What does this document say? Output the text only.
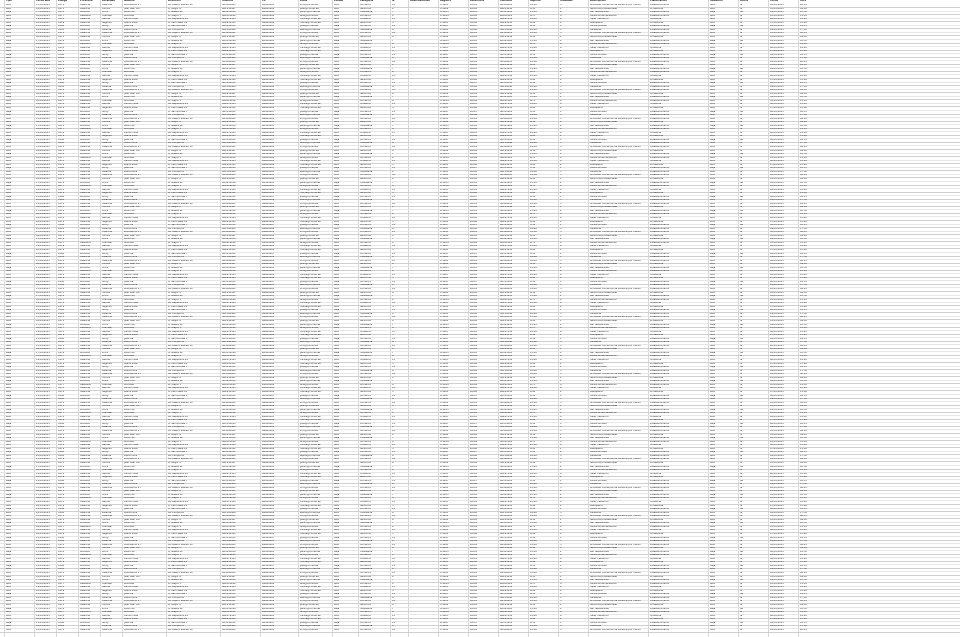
Tipo	Fecha alta	Código	Provincia	Localidad	Nombre	Dirección	Teléfono	CIF	Email	Estado	Categoría	Nº	Observaciones	Registro	Referencia	Contacto	Importe	Unidades	Descripción	Clasificación	Situación	Activo	Fecha	Hora
Alta	15/01/2013	0174	Valencia	Valencia	Luis Benito 27	Av. Blasco Ibáñez 14	963000001	B4600001	info@correo.es	Alta	Comercio	12	V-1201	R-001	96300001	12,00	3	Actividad comercial de venta al por menor	Establecimiento	Alta	Sí	02/12/2013	08:45
Alta	16/01/2013	0175	Valencia	Torrent	Juan Marí S.L.	C/ Mayor 8	961234567	B4600002	juan@correo.es	Alta	Servicios	4	V-1202	R-002	96123456	8,50	1	Servicios profesionales	Profesional	Alta	Sí	03/12/2013	09:10
Baja	17/01/2013	0176	Alicante	Elche	Pedro Gil	C/ Nueva 22	965432100	B0300003	pedro@correo.es	Baja	Hostelería	7	A-1203	R-003	96543210	15,20	2	Bar restaurante	Establecimiento	Baja	No	04/12/2013	10:30
Alta	18/01/2013	0177	Castellón	Vila-real	Ana Ruiz	Pl. Mayor 3	964111222	B1200004	ana@correo.es	Alta	Comercio	9	C-1204	R-004	96411122	6,75	4	Venta de alimentación	Establecimiento	Alta	Sí	05/12/2013	11:05
Alta	19/01/2013	0178	Valencia	Gandia	Carlos Vidal	Av. República 44	962876543	B4600005	carlos@correo.es	Alta	Industria	15	V-1205	R-005	96287654	22,40	6	Taller mecánico	Industrial	Alta	Sí	06/12/2013	12:20
Alta	20/01/2013	0179	Valencia	Sagunto	Marta Soler	C/ Camí Real 19	962654321	B4600006	marta@correo.es	Alta	Servicios	3	V-1206	R-006	96265432	9,90	2	Peluquería	Profesional	Alta	Sí	07/12/2013	13:40
Baja	21/01/2013	0180	Alicante	Alcoy	José Pla	C/ San Nicolás 5	965550011	B0300007	jose@correo.es	Baja	Comercio	11	A-1207	R-007	96555001	4,30	1	Venta de textil	Establecimiento	Baja	No	08/12/2013	16:15
Alta	22/01/2013	0181	Valencia	Paterna	Elena Mora	Av. Europa 61	961300400	B4600008	elena@correo.es	Alta	Hostelería	6	V-1208	R-008	96130040	18,60	5	Cafetería	Establecimiento	Alta	Sí	09/12/2013	17:30
Alta	15/01/2013	0174	Valencia	Valencia	Luis Benito 27	Av. Blasco Ibáñez 14	963000001	B4600001	info@correo.es	Alta	Comercio	12	V-1201	R-001	96300001	12,00	3	Actividad comercial de venta al por menor	Establecimiento	Alta	Sí	02/12/2013	08:45
Alta	16/01/2013	0175	Valencia	Torrent	Juan Marí S.L.	C/ Mayor 8	961234567	B4600002	juan@correo.es	Alta	Servicios	4	V-1202	R-002	96123456	8,50	1	Servicios profesionales	Profesional	Alta	Sí	03/12/2013	09:10
Baja	17/01/2013	0176	Alicante	Elche	Pedro Gil	C/ Nueva 22	965432100	B0300003	pedro@correo.es	Baja	Hostelería	7	A-1203	R-003	96543210	15,20	2	Bar restaurante	Establecimiento	Baja	No	04/12/2013	10:30
Alta	18/01/2013	0177	Castellón	Vila-real	Ana Ruiz	Pl. Mayor 3	964111222	B1200004	ana@correo.es	Alta	Comercio	9	C-1204	R-004	96411122	6,75	4	Venta de alimentación	Establecimiento	Alta	Sí	05/12/2013	11:05
Alta	19/01/2013	0178	Valencia	Gandia	Carlos Vidal	Av. República 44	962876543	B4600005	carlos@correo.es	Alta	Industria	15	V-1205	R-005	96287654	22,40	6	Taller mecánico	Industrial	Alta	Sí	06/12/2013	12:20
Alta	20/01/2013	0179	Valencia	Sagunto	Marta Soler	C/ Camí Real 19	962654321	B4600006	marta@correo.es	Alta	Servicios	3	V-1206	R-006	96265432	9,90	2	Peluquería	Profesional	Alta	Sí	07/12/2013	13:40
Baja	21/01/2013	0180	Alicante	Alcoy	José Pla	C/ San Nicolás 5	965550011	B0300007	jose@correo.es	Baja	Comercio	11	A-1207	R-007	96555001	4,30	1	Venta de textil	Establecimiento	Baja	No	08/12/2013	16:15
Alta	22/01/2013	0181	Valencia	Paterna	Elena Mora	Av. Europa 61	961300400	B4600008	elena@correo.es	Alta	Hostelería	6	V-1208	R-008	96130040	18,60	5	Cafetería	Establecimiento	Alta	Sí	09/12/2013	17:30
Alta	15/01/2013	0174	Valencia	Valencia	Luis Benito 27	Av. Blasco Ibáñez 14	963000001	B4600001	info@correo.es	Alta	Comercio	12	V-1201	R-001	96300001	12,00	3	Actividad comercial de venta al por menor	Establecimiento	Alta	Sí	02/12/2013	08:45
Alta	16/01/2013	0175	Valencia	Torrent	Juan Marí S.L.	C/ Mayor 8	961234567	B4600002	juan@correo.es	Alta	Servicios	4	V-1202	R-002	96123456	8,50	1	Servicios profesionales	Profesional	Alta	Sí	03/12/2013	09:10
Baja	17/01/2013	0176	Alicante	Elche	Pedro Gil	C/ Nueva 22	965432100	B0300003	pedro@correo.es	Baja	Hostelería	7	A-1203	R-003	96543210	15,20	2	Bar restaurante	Establecimiento	Baja	No	04/12/2013	10:30
Alta	18/01/2013	0177	Castellón	Vila-real	Ana Ruiz	Pl. Mayor 3	964111222	B1200004	ana@correo.es	Alta	Comercio	9	C-1204	R-004	96411122	6,75	4	Venta de alimentación	Establecimiento	Alta	Sí	05/12/2013	11:05
Alta	19/01/2013	0178	Valencia	Gandia	Carlos Vidal	Av. República 44	962876543	B4600005	carlos@correo.es	Alta	Industria	15	V-1205	R-005	96287654	22,40	6	Taller mecánico	Industrial	Alta	Sí	06/12/2013	12:20
Alta	20/01/2013	0179	Valencia	Sagunto	Marta Soler	C/ Camí Real 19	962654321	B4600006	marta@correo.es	Alta	Servicios	3	V-1206	R-006	96265432	9,90	2	Peluquería	Profesional	Alta	Sí	07/12/2013	13:40
Baja	21/01/2013	0180	Alicante	Alcoy	José Pla	C/ San Nicolás 5	965550011	B0300007	jose@correo.es	Baja	Comercio	11	A-1207	R-007	96555001	4,30	1	Venta de textil	Establecimiento	Baja	No	08/12/2013	16:15
Alta	22/01/2013	0181	Valencia	Paterna	Elena Mora	Av. Europa 61	961300400	B4600008	elena@correo.es	Alta	Hostelería	6	V-1208	R-008	96130040	18,60	5	Cafetería	Establecimiento	Alta	Sí	09/12/2013	17:30
Alta	15/01/2013	0174	Valencia	Valencia	Luis Benito 27	Av. Blasco Ibáñez 14	963000001	B4600001	info@correo.es	Alta	Comercio	12	V-1201	R-001	96300001	12,00	3	Actividad comercial de venta al por menor	Establecimiento	Alta	Sí	02/12/2013	08:45
Alta	16/01/2013	0175	Valencia	Torrent	Juan Marí S.L.	C/ Mayor 8	961234567	B4600002	juan@correo.es	Alta	Servicios	4	V-1202	R-002	96123456	8,50	1	Servicios profesionales	Profesional	Alta	Sí	03/12/2013	09:10
Baja	17/01/2013	0176	Alicante	Elche	Pedro Gil	C/ Nueva 22	965432100	B0300003	pedro@correo.es	Baja	Hostelería	7	A-1203	R-003	96543210	15,20	2	Bar restaurante	Establecimiento	Baja	No	04/12/2013	10:30
Alta	18/01/2013	0177	Castellón	Vila-real	Ana Ruiz	Pl. Mayor 3	964111222	B1200004	ana@correo.es	Alta	Comercio	9	C-1204	R-004	96411122	6,75	4	Venta de alimentación	Establecimiento	Alta	Sí	05/12/2013	11:05
Alta	19/01/2013	0178	Valencia	Gandia	Carlos Vidal	Av. República 44	962876543	B4600005	carlos@correo.es	Alta	Industria	15	V-1205	R-005	96287654	22,40	6	Taller mecánico	Industrial	Alta	Sí	06/12/2013	12:20
Alta	20/01/2013	0179	Valencia	Sagunto	Marta Soler	C/ Camí Real 19	962654321	B4600006	marta@correo.es	Alta	Servicios	3	V-1206	R-006	96265432	9,90	2	Peluquería	Profesional	Alta	Sí	07/12/2013	13:40
Baja	21/01/2013	0180	Alicante	Alcoy	José Pla	C/ San Nicolás 5	965550011	B0300007	jose@correo.es	Baja	Comercio	11	A-1207	R-007	96555001	4,30	1	Venta de textil	Establecimiento	Baja	No	08/12/2013	16:15
Alta	22/01/2013	0181	Valencia	Paterna	Elena Mora	Av. Europa 61	961300400	B4600008	elena@correo.es	Alta	Hostelería	6	V-1208	R-008	96130040	18,60	5	Cafetería	Establecimiento	Alta	Sí	09/12/2013	17:30
Alta	15/01/2013	0174	Valencia	Valencia	Luis Benito 27	Av. Blasco Ibáñez 14	963000001	B4600001	info@correo.es	Alta	Comercio	12	V-1201	R-001	96300001	12,00	3	Actividad comercial de venta al por menor	Establecimiento	Alta	Sí	02/12/2013	08:45
Alta	16/01/2013	0175	Valencia	Torrent	Juan Marí S.L.	C/ Mayor 8	961234567	B4600002	juan@correo.es	Alta	Servicios	4	V-1202	R-002	96123456	8,50	1	Servicios profesionales	Profesional	Alta	Sí	03/12/2013	09:10
Baja	17/01/2013	0176	Alicante	Elche	Pedro Gil	C/ Nueva 22	965432100	B0300003	pedro@correo.es	Baja	Hostelería	7	A-1203	R-003	96543210	15,20	2	Bar restaurante	Establecimiento	Baja	No	04/12/2013	10:30
Alta	18/01/2013	0177	Castellón	Vila-real	Ana Ruiz	Pl. Mayor 3	964111222	B1200004	ana@correo.es	Alta	Comercio	9	C-1204	R-004	96411122	6,75	4	Venta de alimentación	Establecimiento	Alta	Sí	05/12/2013	11:05
Alta	19/01/2013	0178	Valencia	Gandia	Carlos Vidal	Av. República 44	962876543	B4600005	carlos@correo.es	Alta	Industria	15	V-1205	R-005	96287654	22,40	6	Taller mecánico	Industrial	Alta	Sí	06/12/2013	12:20
Alta	20/01/2013	0179	Valencia	Sagunto	Marta Soler	C/ Camí Real 19	962654321	B4600006	marta@correo.es	Alta	Servicios	3	V-1206	R-006	96265432	9,90	2	Peluquería	Profesional	Alta	Sí	07/12/2013	13:40
Baja	21/01/2013	0180	Alicante	Alcoy	José Pla	C/ San Nicolás 5	965550011	B0300007	jose@correo.es	Baja	Comercio	11	A-1207	R-007	96555001	4,30	1	Venta de textil	Establecimiento	Baja	No	08/12/2013	16:15
Alta	22/01/2013	0181	Valencia	Paterna	Elena Mora	Av. Europa 61	961300400	B4600008	elena@correo.es	Alta	Hostelería	6	V-1208	R-008	96130040	18,60	5	Cafetería	Establecimiento	Alta	Sí	09/12/2013	17:30
Alta	15/01/2013	0174	Valencia	Valencia	Luis Benito 27	Av. Blasco Ibáñez 14	963000001	B4600001	info@correo.es	Alta	Comercio	12	V-1201	R-001	96300001	12,00	3	Actividad comercial de venta al por menor	Establecimiento	Alta	Sí	02/12/2013	08:45
Alta	16/01/2013	0175	Valencia	Torrent	Juan Marí S.L.	C/ Mayor 8	961234567	B4600002	juan@correo.es	Alta	Servicios	4	V-1202	R-002	96123456	8,50	1	Servicios profesionales	Profesional	Alta	Sí	03/12/2013	09:10
Baja	17/01/2013	0176	Alicante	Elche	Pedro Gil	C/ Nueva 22	965432100	B0300003	pedro@correo.es	Baja	Hostelería	7	A-1203	R-003	96543210	15,20	2	Bar restaurante	Establecimiento	Baja	No	04/12/2013	10:30
Alta	18/01/2013	0177	Castellón	Vila-real	Ana Ruiz	Pl. Mayor 3	964111222	B1200004	ana@correo.es	Alta	Comercio	9	C-1204	R-004	96411122	6,75	4	Venta de alimentación	Establecimiento	Alta	Sí	05/12/2013	11:05
Alta	19/01/2013	0178	Valencia	Gandia	Carlos Vidal	Av. República 44	962876543	B4600005	carlos@correo.es	Alta	Industria	15	V-1205	R-005	96287654	22,40	6	Taller mecánico	Industrial	Alta	Sí	06/12/2013	12:20
Alta	20/01/2013	0179	Valencia	Sagunto	Marta Soler	C/ Camí Real 19	962654321	B4600006	marta@correo.es	Alta	Servicios	3	V-1206	R-006	96265432	9,90	2	Peluquería	Profesional	Alta	Sí	07/12/2013	13:40
Baja	21/01/2013	0180	Alicante	Alcoy	José Pla	C/ San Nicolás 5	965550011	B0300007	jose@correo.es	Baja	Comercio	11	A-1207	R-007	96555001	4,30	1	Venta de textil	Establecimiento	Baja	No	08/12/2013	16:15
Alta	22/01/2013	0181	Valencia	Paterna	Elena Mora	Av. Europa 61	961300400	B4600008	elena@correo.es	Alta	Hostelería	6	V-1208	R-008	96130040	18,60	5	Cafetería	Establecimiento	Alta	Sí	09/12/2013	17:30
Alta	15/01/2013	0174	Valencia	Valencia	Luis Benito 27	Av. Blasco Ibáñez 14	963000001	B4600001	info@correo.es	Alta	Comercio	12	V-1201	R-001	96300001	12,00	3	Actividad comercial de venta al por menor	Establecimiento	Alta	Sí	02/12/2013	08:45
Alta	16/01/2013	0175	Valencia	Torrent	Juan Marí S.L.	C/ Mayor 8	961234567	B4600002	juan@correo.es	Alta	Servicios	4	V-1202	R-002	96123456	8,50	1	Servicios profesionales	Profesional	Alta	Sí	03/12/2013	09:10
Baja	17/01/2013	0176	Alicante	Elche	Pedro Gil	C/ Nueva 22	965432100	B0300003	pedro@correo.es	Baja	Hostelería	7	A-1203	R-003	96543210	15,20	2	Bar restaurante	Establecimiento	Baja	No	04/12/2013	10:30
Alta	18/01/2013	0177	Castellón	Vila-real	Ana Ruiz	Pl. Mayor 3	964111222	B1200004	ana@correo.es	Alta	Comercio	9	C-1204	R-004	96411122	6,75	4	Venta de alimentación	Establecimiento	Alta	Sí	05/12/2013	11:05
Alta	19/01/2013	0178	Valencia	Gandia	Carlos Vidal	Av. República 44	962876543	B4600005	carlos@correo.es	Alta	Industria	15	V-1205	R-005	96287654	22,40	6	Taller mecánico	Industrial	Alta	Sí	06/12/2013	12:20
Alta	20/01/2013	0179	Valencia	Sagunto	Marta Soler	C/ Camí Real 19	962654321	B4600006	marta@correo.es	Alta	Servicios	3	V-1206	R-006	96265432	9,90	2	Peluquería	Profesional	Alta	Sí	07/12/2013	13:40
Baja	21/01/2013	0180	Alicante	Alcoy	José Pla	C/ San Nicolás 5	965550011	B0300007	jose@correo.es	Baja	Comercio	11	A-1207	R-007	96555001	4,30	1	Venta de textil	Establecimiento	Baja	No	08/12/2013	16:15
Alta	22/01/2013	0181	Valencia	Paterna	Elena Mora	Av. Europa 61	961300400	B4600008	elena@correo.es	Alta	Hostelería	6	V-1208	R-008	96130040	18,60	5	Cafetería	Establecimiento	Alta	Sí	09/12/2013	17:30
Alta	15/01/2013	0174	Valencia	Valencia	Luis Benito 27	Av. Blasco Ibáñez 14	963000001	B4600001	info@correo.es	Alta	Comercio	12	V-1201	R-001	96300001	12,00	3	Actividad comercial de venta al por menor	Establecimiento	Alta	Sí	02/12/2013	08:45
Alta	16/01/2013	0175	Valencia	Torrent	Juan Marí S.L.	C/ Mayor 8	961234567	B4600002	juan@correo.es	Alta	Servicios	4	V-1202	R-002	96123456	8,50	1	Servicios profesionales	Profesional	Alta	Sí	03/12/2013	09:10
Baja	17/01/2013	0176	Alicante	Elche	Pedro Gil	C/ Nueva 22	965432100	B0300003	pedro@correo.es	Baja	Hostelería	7	A-1203	R-003	96543210	15,20	2	Bar restaurante	Establecimiento	Baja	No	04/12/2013	10:30
Alta	18/01/2013	0177	Castellón	Vila-real	Ana Ruiz	Pl. Mayor 3	964111222	B1200004	ana@correo.es	Alta	Comercio	9	C-1204	R-004	96411122	6,75	4	Venta de alimentación	Establecimiento	Alta	Sí	05/12/2013	11:05
Alta	19/01/2013	0178	Valencia	Gandia	Carlos Vidal	Av. República 44	962876543	B4600005	carlos@correo.es	Alta	Industria	15	V-1205	R-005	96287654	22,40	6	Taller mecánico	Industrial	Alta	Sí	06/12/2013	12:20
Alta	20/01/2013	0179	Valencia	Sagunto	Marta Soler	C/ Camí Real 19	962654321	B4600006	marta@correo.es	Alta	Servicios	3	V-1206	R-006	96265432	9,90	2	Peluquería	Profesional	Alta	Sí	07/12/2013	13:40
Baja	21/01/2013	0180	Alicante	Alcoy	José Pla	C/ San Nicolás 5	965550011	B0300007	jose@correo.es	Baja	Comercio	11	A-1207	R-007	96555001	4,30	1	Venta de textil	Establecimiento	Baja	No	08/12/2013	16:15
Alta	22/01/2013	0181	Valencia	Paterna	Elena Mora	Av. Europa 61	961300400	B4600008	elena@correo.es	Alta	Hostelería	6	V-1208	R-008	96130040	18,60	5	Cafetería	Establecimiento	Alta	Sí	09/12/2013	17:30
Alta	15/01/2013	0174	Valencia	Valencia	Luis Benito 27	Av. Blasco Ibáñez 14	963000001	B4600001	info@correo.es	Alta	Comercio	12	V-1201	R-001	96300001	12,00	3	Actividad comercial de venta al por menor	Establecimiento	Alta	Sí	02/12/2013	08:45
Alta	16/01/2013	0175	Valencia	Torrent	Juan Marí S.L.	C/ Mayor 8	961234567	B4600002	juan@correo.es	Alta	Servicios	4	V-1202	R-002	96123456	8,50	1	Servicios profesionales	Profesional	Alta	Sí	03/12/2013	09:10
Baja	17/01/2013	0176	Alicante	Elche	Pedro Gil	C/ Nueva 22	965432100	B0300003	pedro@correo.es	Baja	Hostelería	7	A-1203	R-003	96543210	15,20	2	Bar restaurante	Establecimiento	Baja	No	04/12/2013	10:30
Alta	18/01/2013	0177	Castellón	Vila-real	Ana Ruiz	Pl. Mayor 3	964111222	B1200004	ana@correo.es	Alta	Comercio	9	C-1204	R-004	96411122	6,75	4	Venta de alimentación	Establecimiento	Alta	Sí	05/12/2013	11:05
Alta	19/01/2013	0178	Valencia	Gandia	Carlos Vidal	Av. República 44	962876543	B4600005	carlos@correo.es	Alta	Industria	15	V-1205	R-005	96287654	22,40	6	Taller mecánico	Industrial	Alta	Sí	06/12/2013	12:20
Alta	20/01/2013	0179	Valencia	Sagunto	Marta Soler	C/ Camí Real 19	962654321	B4600006	marta@correo.es	Alta	Servicios	3	V-1206	R-006	96265432	9,90	2	Peluquería	Profesional	Alta	Sí	07/12/2013	13:40
Baja	21/01/2013	0180	Alicante	Alcoy	José Pla	C/ San Nicolás 5	965550011	B0300007	jose@correo.es	Baja	Comercio	11	A-1207	R-007	96555001	4,30	1	Venta de textil	Establecimiento	Baja	No	08/12/2013	16:15
Alta	22/01/2013	0181	Valencia	Paterna	Elena Mora	Av. Europa 61	961300400	B4600008	elena@correo.es	Alta	Hostelería	6	V-1208	R-008	96130040	18,60	5	Cafetería	Establecimiento	Alta	Sí	09/12/2013	17:30
Alta	15/01/2013	0174	Valencia	Valencia	Luis Benito 27	Av. Blasco Ibáñez 14	963000001	B4600001	info@correo.es	Alta	Comercio	12	V-1201	R-001	96300001	12,00	3	Actividad comercial de venta al por menor	Establecimiento	Alta	Sí	02/12/2013	08:45
Alta	16/01/2013	0175	Valencia	Torrent	Juan Marí S.L.	C/ Mayor 8	961234567	B4600002	juan@correo.es	Alta	Servicios	4	V-1202	R-002	96123456	8,50	1	Servicios profesionales	Profesional	Alta	Sí	03/12/2013	09:10
Baja	17/01/2013	0176	Alicante	Elche	Pedro Gil	C/ Nueva 22	965432100	B0300003	pedro@correo.es	Baja	Hostelería	7	A-1203	R-003	96543210	15,20	2	Bar restaurante	Establecimiento	Baja	No	04/12/2013	10:30
Alta	18/01/2013	0177	Castellón	Vila-real	Ana Ruiz	Pl. Mayor 3	964111222	B1200004	ana@correo.es	Alta	Comercio	9	C-1204	R-004	96411122	6,75	4	Venta de alimentación	Establecimiento	Alta	Sí	05/12/2013	11:05
Alta	19/01/2013	0178	Valencia	Gandia	Carlos Vidal	Av. República 44	962876543	B4600005	carlos@correo.es	Alta	Industria	15	V-1205	R-005	96287654	22,40	6	Taller mecánico	Industrial	Alta	Sí	06/12/2013	12:20
Alta	20/01/2013	0179	Valencia	Sagunto	Marta Soler	C/ Camí Real 19	962654321	B4600006	marta@correo.es	Alta	Servicios	3	V-1206	R-006	96265432	9,90	2	Peluquería	Profesional	Alta	Sí	07/12/2013	13:40
Baja	21/01/2013	0180	Alicante	Alcoy	José Pla	C/ San Nicolás 5	965550011	B0300007	jose@correo.es	Baja	Comercio	11	A-1207	R-007	96555001	4,30	1	Venta de textil	Establecimiento	Baja	No	08/12/2013	16:15
Alta	22/01/2013	0181	Valencia	Paterna	Elena Mora	Av. Europa 61	961300400	B4600008	elena@correo.es	Alta	Hostelería	6	V-1208	R-008	96130040	18,60	5	Cafetería	Establecimiento	Alta	Sí	09/12/2013	17:30
Alta	15/01/2013	0174	Valencia	Valencia	Luis Benito 27	Av. Blasco Ibáñez 14	963000001	B4600001	info@correo.es	Alta	Comercio	12	V-1201	R-001	96300001	12,00	3	Actividad comercial de venta al por menor	Establecimiento	Alta	Sí	02/12/2013	08:45
Alta	16/01/2013	0175	Valencia	Torrent	Juan Marí S.L.	C/ Mayor 8	961234567	B4600002	juan@correo.es	Alta	Servicios	4	V-1202	R-002	96123456	8,50	1	Servicios profesionales	Profesional	Alta	Sí	03/12/2013	09:10
Baja	17/01/2013	0176	Alicante	Elche	Pedro Gil	C/ Nueva 22	965432100	B0300003	pedro@correo.es	Baja	Hostelería	7	A-1203	R-003	96543210	15,20	2	Bar restaurante	Establecimiento	Baja	No	04/12/2013	10:30
Alta	18/01/2013	0177	Castellón	Vila-real	Ana Ruiz	Pl. Mayor 3	964111222	B1200004	ana@correo.es	Alta	Comercio	9	C-1204	R-004	96411122	6,75	4	Venta de alimentación	Establecimiento	Alta	Sí	05/12/2013	11:05
Alta	19/01/2013	0178	Valencia	Gandia	Carlos Vidal	Av. República 44	962876543	B4600005	carlos@correo.es	Alta	Industria	15	V-1205	R-005	96287654	22,40	6	Taller mecánico	Industrial	Alta	Sí	06/12/2013	12:20
Alta	20/01/2013	0179	Valencia	Sagunto	Marta Soler	C/ Camí Real 19	962654321	B4600006	marta@correo.es	Alta	Servicios	3	V-1206	R-006	96265432	9,90	2	Peluquería	Profesional	Alta	Sí	07/12/2013	13:40
Baja	21/01/2013	0180	Alicante	Alcoy	José Pla	C/ San Nicolás 5	965550011	B0300007	jose@correo.es	Baja	Comercio	11	A-1207	R-007	96555001	4,30	1	Venta de textil	Establecimiento	Baja	No	08/12/2013	16:15
Alta	22/01/2013	0181	Valencia	Paterna	Elena Mora	Av. Europa 61	961300400	B4600008	elena@correo.es	Alta	Hostelería	6	V-1208	R-008	96130040	18,60	5	Cafetería	Establecimiento	Alta	Sí	09/12/2013	17:30
Alta	15/01/2013	0174	Valencia	Valencia	Luis Benito 27	Av. Blasco Ibáñez 14	963000001	B4600001	info@correo.es	Alta	Comercio	12	V-1201	R-001	96300001	12,00	3	Actividad comercial de venta al por menor	Establecimiento	Alta	Sí	02/12/2013	08:45
Alta	16/01/2013	0175	Valencia	Torrent	Juan Marí S.L.	C/ Mayor 8	961234567	B4600002	juan@correo.es	Alta	Servicios	4	V-1202	R-002	96123456	8,50	1	Servicios profesionales	Profesional	Alta	Sí	03/12/2013	09:10
Baja	17/01/2013	0176	Alicante	Elche	Pedro Gil	C/ Nueva 22	965432100	B0300003	pedro@correo.es	Baja	Hostelería	7	A-1203	R-003	96543210	15,20	2	Bar restaurante	Establecimiento	Baja	No	04/12/2013	10:30
Alta	18/01/2013	0177	Castellón	Vila-real	Ana Ruiz	Pl. Mayor 3	964111222	B1200004	ana@correo.es	Alta	Comercio	9	C-1204	R-004	96411122	6,75	4	Venta de alimentación	Establecimiento	Alta	Sí	05/12/2013	11:05
Alta	19/01/2013	0178	Valencia	Gandia	Carlos Vidal	Av. República 44	962876543	B4600005	carlos@correo.es	Alta	Industria	15	V-1205	R-005	96287654	22,40	6	Taller mecánico	Industrial	Alta	Sí	06/12/2013	12:20
Alta	20/01/2013	0179	Valencia	Sagunto	Marta Soler	C/ Camí Real 19	962654321	B4600006	marta@correo.es	Alta	Servicios	3	V-1206	R-006	96265432	9,90	2	Peluquería	Profesional	Alta	Sí	07/12/2013	13:40
Baja	21/01/2013	0180	Alicante	Alcoy	José Pla	C/ San Nicolás 5	965550011	B0300007	jose@correo.es	Baja	Comercio	11	A-1207	R-007	96555001	4,30	1	Venta de textil	Establecimiento	Baja	No	08/12/2013	16:15
Alta	22/01/2013	0181	Valencia	Paterna	Elena Mora	Av. Europa 61	961300400	B4600008	elena@correo.es	Alta	Hostelería	6	V-1208	R-008	96130040	18,60	5	Cafetería	Establecimiento	Alta	Sí	09/12/2013	17:30
Alta	15/01/2013	0174	Valencia	Valencia	Luis Benito 27	Av. Blasco Ibáñez 14	963000001	B4600001	info@correo.es	Alta	Comercio	12	V-1201	R-001	96300001	12,00	3	Actividad comercial de venta al por menor	Establecimiento	Alta	Sí	02/12/2013	08:45
Alta	16/01/2013	0175	Valencia	Torrent	Juan Marí S.L.	C/ Mayor 8	961234567	B4600002	juan@correo.es	Alta	Servicios	4	V-1202	R-002	96123456	8,50	1	Servicios profesionales	Profesional	Alta	Sí	03/12/2013	09:10
Baja	17/01/2013	0176	Alicante	Elche	Pedro Gil	C/ Nueva 22	965432100	B0300003	pedro@correo.es	Baja	Hostelería	7	A-1203	R-003	96543210	15,20	2	Bar restaurante	Establecimiento	Baja	No	04/12/2013	10:30
Alta	18/01/2013	0177	Castellón	Vila-real	Ana Ruiz	Pl. Mayor 3	964111222	B1200004	ana@correo.es	Alta	Comercio	9	C-1204	R-004	96411122	6,75	4	Venta de alimentación	Establecimiento	Alta	Sí	05/12/2013	11:05
Alta	19/01/2013	0178	Valencia	Gandia	Carlos Vidal	Av. República 44	962876543	B4600005	carlos@correo.es	Alta	Industria	15	V-1205	R-005	96287654	22,40	6	Taller mecánico	Industrial	Alta	Sí	06/12/2013	12:20
Alta	20/01/2013	0179	Valencia	Sagunto	Marta Soler	C/ Camí Real 19	962654321	B4600006	marta@correo.es	Alta	Servicios	3	V-1206	R-006	96265432	9,90	2	Peluquería	Profesional	Alta	Sí	07/12/2013	13:40
Baja	21/01/2013	0180	Alicante	Alcoy	José Pla	C/ San Nicolás 5	965550011	B0300007	jose@correo.es	Baja	Comercio	11	A-1207	R-007	96555001	4,30	1	Venta de textil	Establecimiento	Baja	No	08/12/2013	16:15
Alta	22/01/2013	0181	Valencia	Paterna	Elena Mora	Av. Europa 61	961300400	B4600008	elena@correo.es	Alta	Hostelería	6	V-1208	R-008	96130040	18,60	5	Cafetería	Establecimiento	Alta	Sí	09/12/2013	17:30
Alta	15/01/2013	0174	Valencia	Valencia	Luis Benito 27	Av. Blasco Ibáñez 14	963000001	B4600001	info@correo.es	Alta	Comercio	12	V-1201	R-001	96300001	12,00	3	Actividad comercial de venta al por menor	Establecimiento	Alta	Sí	02/12/2013	08:45
Alta	16/01/2013	0175	Valencia	Torrent	Juan Marí S.L.	C/ Mayor 8	961234567	B4600002	juan@correo.es	Alta	Servicios	4	V-1202	R-002	96123456	8,50	1	Servicios profesionales	Profesional	Alta	Sí	03/12/2013	09:10
Baja	17/01/2013	0176	Alicante	Elche	Pedro Gil	C/ Nueva 22	965432100	B0300003	pedro@correo.es	Baja	Hostelería	7	A-1203	R-003	96543210	15,20	2	Bar restaurante	Establecimiento	Baja	No	04/12/2013	10:30
Alta	18/01/2013	0177	Castellón	Vila-real	Ana Ruiz	Pl. Mayor 3	964111222	B1200004	ana@correo.es	Alta	Comercio	9	C-1204	R-004	96411122	6,75	4	Venta de alimentación	Establecimiento	Alta	Sí	05/12/2013	11:05
Alta	19/01/2013	0178	Valencia	Gandia	Carlos Vidal	Av. República 44	962876543	B4600005	carlos@correo.es	Alta	Industria	15	V-1205	R-005	96287654	22,40	6	Taller mecánico	Industrial	Alta	Sí	06/12/2013	12:20
Alta	20/01/2013	0179	Valencia	Sagunto	Marta Soler	C/ Camí Real 19	962654321	B4600006	marta@correo.es	Alta	Servicios	3	V-1206	R-006	96265432	9,90	2	Peluquería	Profesional	Alta	Sí	07/12/2013	13:40
Baja	21/01/2013	0180	Alicante	Alcoy	José Pla	C/ San Nicolás 5	965550011	B0300007	jose@correo.es	Baja	Comercio	11	A-1207	R-007	96555001	4,30	1	Venta de textil	Establecimiento	Baja	No	08/12/2013	16:15
Alta	22/01/2013	0181	Valencia	Paterna	Elena Mora	Av. Europa 61	961300400	B4600008	elena@correo.es	Alta	Hostelería	6	V-1208	R-008	96130040	18,60	5	Cafetería	Establecimiento	Alta	Sí	09/12/2013	17:30
Alta	15/01/2013	0174	Valencia	Valencia	Luis Benito 27	Av. Blasco Ibáñez 14	963000001	B4600001	info@correo.es	Alta	Comercio	12	V-1201	R-001	96300001	12,00	3	Actividad comercial de venta al por menor	Establecimiento	Alta	Sí	02/12/2013	08:45
Alta	16/01/2013	0175	Valencia	Torrent	Juan Marí S.L.	C/ Mayor 8	961234567	B4600002	juan@correo.es	Alta	Servicios	4	V-1202	R-002	96123456	8,50	1	Servicios profesionales	Profesional	Alta	Sí	03/12/2013	09:10
Baja	17/01/2013	0176	Alicante	Elche	Pedro Gil	C/ Nueva 22	965432100	B0300003	pedro@correo.es	Baja	Hostelería	7	A-1203	R-003	96543210	15,20	2	Bar restaurante	Establecimiento	Baja	No	04/12/2013	10:30
Alta	18/01/2013	0177	Castellón	Vila-real	Ana Ruiz	Pl. Mayor 3	964111222	B1200004	ana@correo.es	Alta	Comercio	9	C-1204	R-004	96411122	6,75	4	Venta de alimentación	Establecimiento	Alta	Sí	05/12/2013	11:05
Alta	19/01/2013	0178	Valencia	Gandia	Carlos Vidal	Av. República 44	962876543	B4600005	carlos@correo.es	Alta	Industria	15	V-1205	R-005	96287654	22,40	6	Taller mecánico	Industrial	Alta	Sí	06/12/2013	12:20
Alta	20/01/2013	0179	Valencia	Sagunto	Marta Soler	C/ Camí Real 19	962654321	B4600006	marta@correo.es	Alta	Servicios	3	V-1206	R-006	96265432	9,90	2	Peluquería	Profesional	Alta	Sí	07/12/2013	13:40
Baja	21/01/2013	0180	Alicante	Alcoy	José Pla	C/ San Nicolás 5	965550011	B0300007	jose@correo.es	Baja	Comercio	11	A-1207	R-007	96555001	4,30	1	Venta de textil	Establecimiento	Baja	No	08/12/2013	16:15
Alta	22/01/2013	0181	Valencia	Paterna	Elena Mora	Av. Europa 61	961300400	B4600008	elena@correo.es	Alta	Hostelería	6	V-1208	R-008	96130040	18,60	5	Cafetería	Establecimiento	Alta	Sí	09/12/2013	17:30
Alta	15/01/2013	0174	Valencia	Valencia	Luis Benito 27	Av. Blasco Ibáñez 14	963000001	B4600001	info@correo.es	Alta	Comercio	12	V-1201	R-001	96300001	12,00	3	Actividad comercial de venta al por menor	Establecimiento	Alta	Sí	02/12/2013	08:45
Alta	16/01/2013	0175	Valencia	Torrent	Juan Marí S.L.	C/ Mayor 8	961234567	B4600002	juan@correo.es	Alta	Servicios	4	V-1202	R-002	96123456	8,50	1	Servicios profesionales	Profesional	Alta	Sí	03/12/2013	09:10
Baja	17/01/2013	0176	Alicante	Elche	Pedro Gil	C/ Nueva 22	965432100	B0300003	pedro@correo.es	Baja	Hostelería	7	A-1203	R-003	96543210	15,20	2	Bar restaurante	Establecimiento	Baja	No	04/12/2013	10:30
Alta	18/01/2013	0177	Castellón	Vila-real	Ana Ruiz	Pl. Mayor 3	964111222	B1200004	ana@correo.es	Alta	Comercio	9	C-1204	R-004	96411122	6,75	4	Venta de alimentación	Establecimiento	Alta	Sí	05/12/2013	11:05
Alta	19/01/2013	0178	Valencia	Gandia	Carlos Vidal	Av. República 44	962876543	B4600005	carlos@correo.es	Alta	Industria	15	V-1205	R-005	96287654	22,40	6	Taller mecánico	Industrial	Alta	Sí	06/12/2013	12:20
Alta	20/01/2013	0179	Valencia	Sagunto	Marta Soler	C/ Camí Real 19	962654321	B4600006	marta@correo.es	Alta	Servicios	3	V-1206	R-006	96265432	9,90	2	Peluquería	Profesional	Alta	Sí	07/12/2013	13:40
Baja	21/01/2013	0180	Alicante	Alcoy	José Pla	C/ San Nicolás 5	965550011	B0300007	jose@correo.es	Baja	Comercio	11	A-1207	R-007	96555001	4,30	1	Venta de textil	Establecimiento	Baja	No	08/12/2013	16:15
Alta	22/01/2013	0181	Valencia	Paterna	Elena Mora	Av. Europa 61	961300400	B4600008	elena@correo.es	Alta	Hostelería	6	V-1208	R-008	96130040	18,60	5	Cafetería	Establecimiento	Alta	Sí	09/12/2013	17:30
Alta	15/01/2013	0174	Valencia	Valencia	Luis Benito 27	Av. Blasco Ibáñez 14	963000001	B4600001	info@correo.es	Alta	Comercio	12	V-1201	R-001	96300001	12,00	3	Actividad comercial de venta al por menor	Establecimiento	Alta	Sí	02/12/2013	08:45
Alta	16/01/2013	0175	Valencia	Torrent	Juan Marí S.L.	C/ Mayor 8	961234567	B4600002	juan@correo.es	Alta	Servicios	4	V-1202	R-002	96123456	8,50	1	Servicios profesionales	Profesional	Alta	Sí	03/12/2013	09:10
Baja	17/01/2013	0176	Alicante	Elche	Pedro Gil	C/ Nueva 22	965432100	B0300003	pedro@correo.es	Baja	Hostelería	7	A-1203	R-003	96543210	15,20	2	Bar restaurante	Establecimiento	Baja	No	04/12/2013	10:30
Alta	18/01/2013	0177	Castellón	Vila-real	Ana Ruiz	Pl. Mayor 3	964111222	B1200004	ana@correo.es	Alta	Comercio	9	C-1204	R-004	96411122	6,75	4	Venta de alimentación	Establecimiento	Alta	Sí	05/12/2013	11:05
Alta	19/01/2013	0178	Valencia	Gandia	Carlos Vidal	Av. República 44	962876543	B4600005	carlos@correo.es	Alta	Industria	15	V-1205	R-005	96287654	22,40	6	Taller mecánico	Industrial	Alta	Sí	06/12/2013	12:20
Alta	20/01/2013	0179	Valencia	Sagunto	Marta Soler	C/ Camí Real 19	962654321	B4600006	marta@correo.es	Alta	Servicios	3	V-1206	R-006	96265432	9,90	2	Peluquería	Profesional	Alta	Sí	07/12/2013	13:40
Baja	21/01/2013	0180	Alicante	Alcoy	José Pla	C/ San Nicolás 5	965550011	B0300007	jose@correo.es	Baja	Comercio	11	A-1207	R-007	96555001	4,30	1	Venta de textil	Establecimiento	Baja	No	08/12/2013	16:15
Alta	22/01/2013	0181	Valencia	Paterna	Elena Mora	Av. Europa 61	961300400	B4600008	elena@correo.es	Alta	Hostelería	6	V-1208	R-008	96130040	18,60	5	Cafetería	Establecimiento	Alta	Sí	09/12/2013	17:30
Alta	15/01/2013	0174	Valencia	Valencia	Luis Benito 27	Av. Blasco Ibáñez 14	963000001	B4600001	info@correo.es	Alta	Comercio	12	V-1201	R-001	96300001	12,00	3	Actividad comercial de venta al por menor	Establecimiento	Alta	Sí	02/12/2013	08:45
Alta	16/01/2013	0175	Valencia	Torrent	Juan Marí S.L.	C/ Mayor 8	961234567	B4600002	juan@correo.es	Alta	Servicios	4	V-1202	R-002	96123456	8,50	1	Servicios profesionales	Profesional	Alta	Sí	03/12/2013	09:10
Baja	17/01/2013	0176	Alicante	Elche	Pedro Gil	C/ Nueva 22	965432100	B0300003	pedro@correo.es	Baja	Hostelería	7	A-1203	R-003	96543210	15,20	2	Bar restaurante	Establecimiento	Baja	No	04/12/2013	10:30
Alta	18/01/2013	0177	Castellón	Vila-real	Ana Ruiz	Pl. Mayor 3	964111222	B1200004	ana@correo.es	Alta	Comercio	9	C-1204	R-004	96411122	6,75	4	Venta de alimentación	Establecimiento	Alta	Sí	05/12/2013	11:05
Alta	19/01/2013	0178	Valencia	Gandia	Carlos Vidal	Av. República 44	962876543	B4600005	carlos@correo.es	Alta	Industria	15	V-1205	R-005	96287654	22,40	6	Taller mecánico	Industrial	Alta	Sí	06/12/2013	12:20
Alta	20/01/2013	0179	Valencia	Sagunto	Marta Soler	C/ Camí Real 19	962654321	B4600006	marta@correo.es	Alta	Servicios	3	V-1206	R-006	96265432	9,90	2	Peluquería	Profesional	Alta	Sí	07/12/2013	13:40
Baja	21/01/2013	0180	Alicante	Alcoy	José Pla	C/ San Nicolás 5	965550011	B0300007	jose@correo.es	Baja	Comercio	11	A-1207	R-007	96555001	4,30	1	Venta de textil	Establecimiento	Baja	No	08/12/2013	16:15
Alta	22/01/2013	0181	Valencia	Paterna	Elena Mora	Av. Europa 61	961300400	B4600008	elena@correo.es	Alta	Hostelería	6	V-1208	R-008	96130040	18,60	5	Cafetería	Establecimiento	Alta	Sí	09/12/2013	17:30
Alta	15/01/2013	0174	Valencia	Valencia	Luis Benito 27	Av. Blasco Ibáñez 14	963000001	B4600001	info@correo.es	Alta	Comercio	12	V-1201	R-001	96300001	12,00	3	Actividad comercial de venta al por menor	Establecimiento	Alta	Sí	02/12/2013	08:45
Alta	16/01/2013	0175	Valencia	Torrent	Juan Marí S.L.	C/ Mayor 8	961234567	B4600002	juan@correo.es	Alta	Servicios	4	V-1202	R-002	96123456	8,50	1	Servicios profesionales	Profesional	Alta	Sí	03/12/2013	09:10
Baja	17/01/2013	0176	Alicante	Elche	Pedro Gil	C/ Nueva 22	965432100	B0300003	pedro@correo.es	Baja	Hostelería	7	A-1203	R-003	96543210	15,20	2	Bar restaurante	Establecimiento	Baja	No	04/12/2013	10:30
Alta	18/01/2013	0177	Castellón	Vila-real	Ana Ruiz	Pl. Mayor 3	964111222	B1200004	ana@correo.es	Alta	Comercio	9	C-1204	R-004	96411122	6,75	4	Venta de alimentación	Establecimiento	Alta	Sí	05/12/2013	11:05
Alta	19/01/2013	0178	Valencia	Gandia	Carlos Vidal	Av. República 44	962876543	B4600005	carlos@correo.es	Alta	Industria	15	V-1205	R-005	96287654	22,40	6	Taller mecánico	Industrial	Alta	Sí	06/12/2013	12:20
Alta	20/01/2013	0179	Valencia	Sagunto	Marta Soler	C/ Camí Real 19	962654321	B4600006	marta@correo.es	Alta	Servicios	3	V-1206	R-006	96265432	9,90	2	Peluquería	Profesional	Alta	Sí	07/12/2013	13:40
Baja	21/01/2013	0180	Alicante	Alcoy	José Pla	C/ San Nicolás 5	965550011	B0300007	jose@correo.es	Baja	Comercio	11	A-1207	R-007	96555001	4,30	1	Venta de textil	Establecimiento	Baja	No	08/12/2013	16:15
Alta	22/01/2013	0181	Valencia	Paterna	Elena Mora	Av. Europa 61	961300400	B4600008	elena@correo.es	Alta	Hostelería	6	V-1208	R-008	96130040	18,60	5	Cafetería	Establecimiento	Alta	Sí	09/12/2013	17:30
Alta	15/01/2013	0174	Valencia	Valencia	Luis Benito 27	Av. Blasco Ibáñez 14	963000001	B4600001	info@correo.es	Alta	Comercio	12	V-1201	R-001	96300001	12,00	3	Actividad comercial de venta al por menor	Establecimiento	Alta	Sí	02/12/2013	08:45
Alta	16/01/2013	0175	Valencia	Torrent	Juan Marí S.L.	C/ Mayor 8	961234567	B4600002	juan@correo.es	Alta	Servicios	4	V-1202	R-002	96123456	8,50	1	Servicios profesionales	Profesional	Alta	Sí	03/12/2013	09:10
Baja	17/01/2013	0176	Alicante	Elche	Pedro Gil	C/ Nueva 22	965432100	B0300003	pedro@correo.es	Baja	Hostelería	7	A-1203	R-003	96543210	15,20	2	Bar restaurante	Establecimiento	Baja	No	04/12/2013	10:30
Alta	18/01/2013	0177	Castellón	Vila-real	Ana Ruiz	Pl. Mayor 3	964111222	B1200004	ana@correo.es	Alta	Comercio	9	C-1204	R-004	96411122	6,75	4	Venta de alimentación	Establecimiento	Alta	Sí	05/12/2013	11:05
Alta	19/01/2013	0178	Valencia	Gandia	Carlos Vidal	Av. República 44	962876543	B4600005	carlos@correo.es	Alta	Industria	15	V-1205	R-005	96287654	22,40	6	Taller mecánico	Industrial	Alta	Sí	06/12/2013	12:20
Alta	20/01/2013	0179	Valencia	Sagunto	Marta Soler	C/ Camí Real 19	962654321	B4600006	marta@correo.es	Alta	Servicios	3	V-1206	R-006	96265432	9,90	2	Peluquería	Profesional	Alta	Sí	07/12/2013	13:40
Baja	21/01/2013	0180	Alicante	Alcoy	José Pla	C/ San Nicolás 5	965550011	B0300007	jose@correo.es	Baja	Comercio	11	A-1207	R-007	96555001	4,30	1	Venta de textil	Establecimiento	Baja	No	08/12/2013	16:15
Alta	22/01/2013	0181	Valencia	Paterna	Elena Mora	Av. Europa 61	961300400	B4600008	elena@correo.es	Alta	Hostelería	6	V-1208	R-008	96130040	18,60	5	Cafetería	Establecimiento	Alta	Sí	09/12/2013	17:30
Alta	15/01/2013	0174	Valencia	Valencia	Luis Benito 27	Av. Blasco Ibáñez 14	963000001	B4600001	info@correo.es	Alta	Comercio	12	V-1201	R-001	96300001	12,00	3	Actividad comercial de venta al por menor	Establecimiento	Alta	Sí	02/12/2013	08:45
Alta	16/01/2013	0175	Valencia	Torrent	Juan Marí S.L.	C/ Mayor 8	961234567	B4600002	juan@correo.es	Alta	Servicios	4	V-1202	R-002	96123456	8,50	1	Servicios profesionales	Profesional	Alta	Sí	03/12/2013	09:10
Baja	17/01/2013	0176	Alicante	Elche	Pedro Gil	C/ Nueva 22	965432100	B0300003	pedro@correo.es	Baja	Hostelería	7	A-1203	R-003	96543210	15,20	2	Bar restaurante	Establecimiento	Baja	No	04/12/2013	10:30
Alta	18/01/2013	0177	Castellón	Vila-real	Ana Ruiz	Pl. Mayor 3	964111222	B1200004	ana@correo.es	Alta	Comercio	9	C-1204	R-004	96411122	6,75	4	Venta de alimentación	Establecimiento	Alta	Sí	05/12/2013	11:05
Alta	19/01/2013	0178	Valencia	Gandia	Carlos Vidal	Av. República 44	962876543	B4600005	carlos@correo.es	Alta	Industria	15	V-1205	R-005	96287654	22,40	6	Taller mecánico	Industrial	Alta	Sí	06/12/2013	12:20
Alta	20/01/2013	0179	Valencia	Sagunto	Marta Soler	C/ Camí Real 19	962654321	B4600006	marta@correo.es	Alta	Servicios	3	V-1206	R-006	96265432	9,90	2	Peluquería	Profesional	Alta	Sí	07/12/2013	13:40
Baja	21/01/2013	0180	Alicante	Alcoy	José Pla	C/ San Nicolás 5	965550011	B0300007	jose@correo.es	Baja	Comercio	11	A-1207	R-007	96555001	4,30	1	Venta de textil	Establecimiento	Baja	No	08/12/2013	16:15
Alta	22/01/2013	0181	Valencia	Paterna	Elena Mora	Av. Europa 61	961300400	B4600008	elena@correo.es	Alta	Hostelería	6	V-1208	R-008	96130040	18,60	5	Cafetería	Establecimiento	Alta	Sí	09/12/2013	17:30
Alta	15/01/2013	0174	Valencia	Valencia	Luis Benito 27	Av. Blasco Ibáñez 14	963000001	B4600001	info@correo.es	Alta	Comercio	12	V-1201	R-001	96300001	12,00	3	Actividad comercial de venta al por menor	Establecimiento	Alta	Sí	02/12/2013	08:45
Alta	16/01/2013	0175	Valencia	Torrent	Juan Marí S.L.	C/ Mayor 8	961234567	B4600002	juan@correo.es	Alta	Servicios	4	V-1202	R-002	96123456	8,50	1	Servicios profesionales	Profesional	Alta	Sí	03/12/2013	09:10
Baja	17/01/2013	0176	Alicante	Elche	Pedro Gil	C/ Nueva 22	965432100	B0300003	pedro@correo.es	Baja	Hostelería	7	A-1203	R-003	96543210	15,20	2	Bar restaurante	Establecimiento	Baja	No	04/12/2013	10:30
Alta	18/01/2013	0177	Castellón	Vila-real	Ana Ruiz	Pl. Mayor 3	964111222	B1200004	ana@correo.es	Alta	Comercio	9	C-1204	R-004	96411122	6,75	4	Venta de alimentación	Establecimiento	Alta	Sí	05/12/2013	11:05
Alta	19/01/2013	0178	Valencia	Gandia	Carlos Vidal	Av. República 44	962876543	B4600005	carlos@correo.es	Alta	Industria	15	V-1205	R-005	96287654	22,40	6	Taller mecánico	Industrial	Alta	Sí	06/12/2013	12:20
Alta	20/01/2013	0179	Valencia	Sagunto	Marta Soler	C/ Camí Real 19	962654321	B4600006	marta@correo.es	Alta	Servicios	3	V-1206	R-006	96265432	9,90	2	Peluquería	Profesional	Alta	Sí	07/12/2013	13:40
Baja	21/01/2013	0180	Alicante	Alcoy	José Pla	C/ San Nicolás 5	965550011	B0300007	jose@correo.es	Baja	Comercio	11	A-1207	R-007	96555001	4,30	1	Venta de textil	Establecimiento	Baja	No	08/12/2013	16:15
Alta	22/01/2013	0181	Valencia	Paterna	Elena Mora	Av. Europa 61	961300400	B4600008	elena@correo.es	Alta	Hostelería	6	V-1208	R-008	96130040	18,60	5	Cafetería	Establecimiento	Alta	Sí	09/12/2013	17:30
Alta	15/01/2013	0174	Valencia	Valencia	Luis Benito 27	Av. Blasco Ibáñez 14	963000001	B4600001	info@correo.es	Alta	Comercio	12	V-1201	R-001	96300001	12,00	3	Actividad comercial de venta al por menor	Establecimiento	Alta	Sí	02/12/2013	08:45
